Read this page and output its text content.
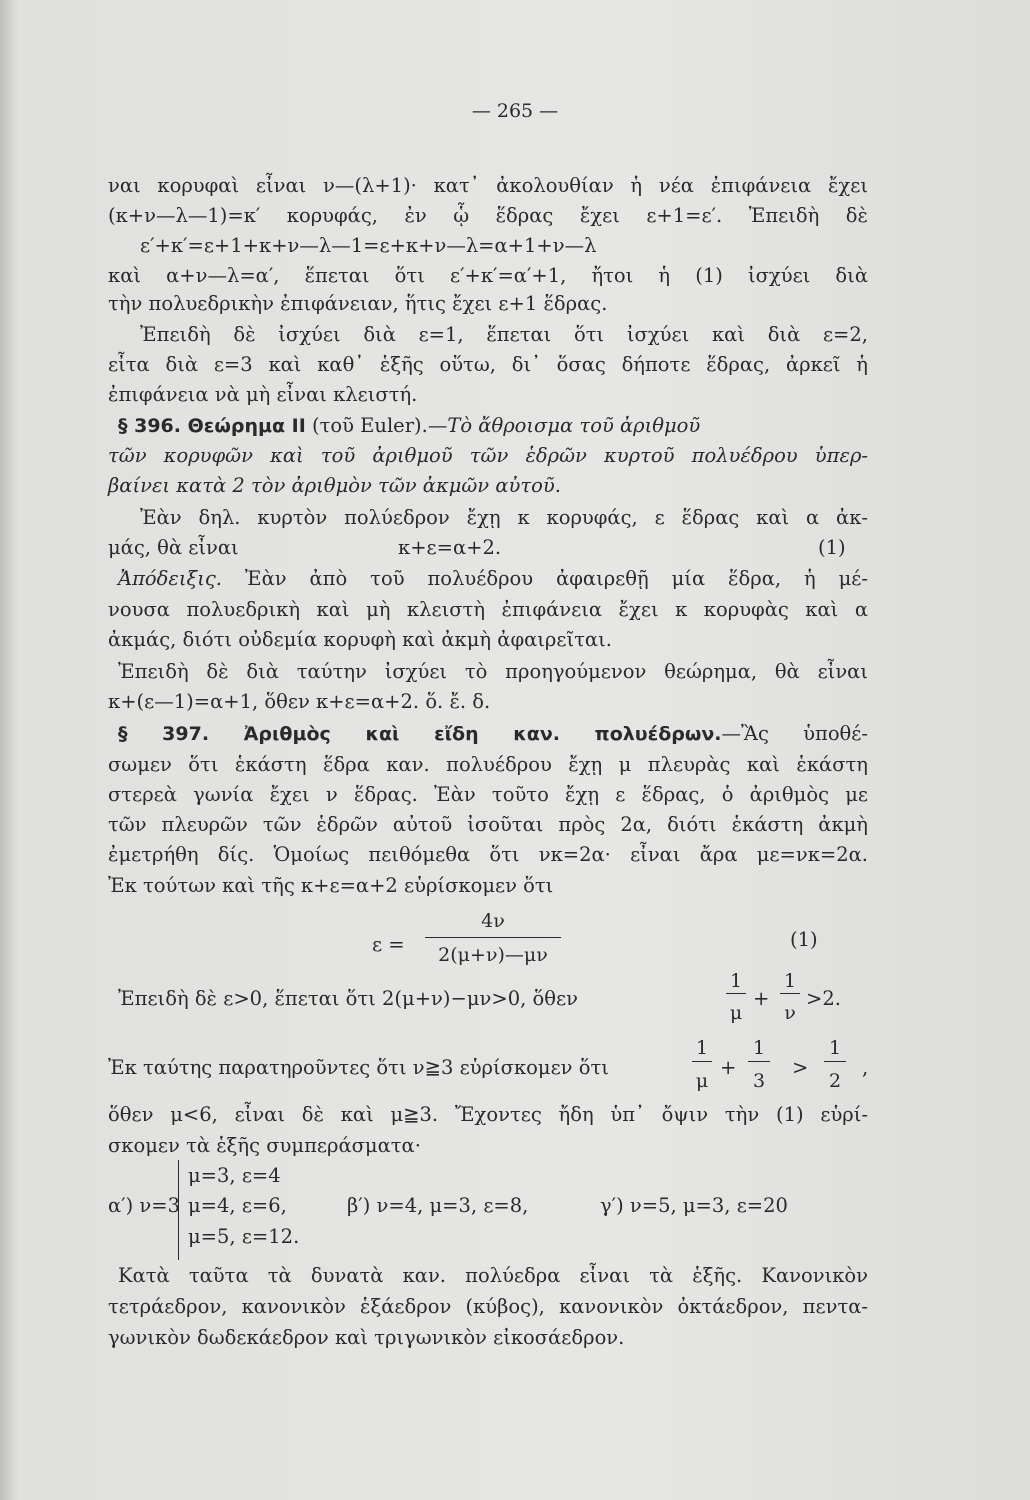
— 265 —
ναι κορυφαὶ εἶναι ν—(λ+1)· κατ᾽ ἀκολουθίαν ἡ νέα ἐπιφάνεια ἔχει
(κ+ν—λ—1)=κ′ κορυφάς, ἐν ᾧ ἕδρας ἔχει ε+1=ε′. Ἐπειδὴ δὲ
ε′+κ′=ε+1+κ+ν—λ—1=ε+κ+ν—λ=α+1+ν—λ
καὶ α+ν—λ=α′, ἕπεται ὅτι ε′+κ′=α′+1, ἤτοι ἡ (1) ἰσχύει διὰ
τὴν πολυεδρικὴν ἐπιφάνειαν, ἥτις ἔχει ε+1 ἕδρας.
Ἐπειδὴ δὲ ἰσχύει διὰ ε=1, ἕπεται ὅτι ἰσχύει καὶ διὰ ε=2,
εἶτα διὰ ε=3 καὶ καθ᾽ ἑξῆς οὕτω, δι᾽ ὅσας δήποτε ἕδρας, ἀρκεῖ ἡ
ἐπιφάνεια νὰ μὴ εἶναι κλειστή.
§ 396. Θεώρημα II (τοῦ Euler).—Τὸ ἄθροισμα τοῦ ἀριθμοῦ
τῶν κορυφῶν καὶ τοῦ ἀριθμοῦ τῶν ἑδρῶν κυρτοῦ πολυέδρου ὑπερ-
βαίνει κατὰ 2 τὸν ἀριθμὸν τῶν ἀκμῶν αὐτοῦ.
Ἐὰν δηλ. κυρτὸν πολύεδρον ἔχῃ κ κορυφάς, ε ἕδρας καὶ α ἀκ-
μάς, θὰ εἶναι	κ+ε=α+2.	(1)
Ἀπόδειξις. Ἐὰν ἀπὸ τοῦ πολυέδρου ἀφαιρεθῇ μία ἕδρα, ἡ μέ-
νουσα πολυεδρικὴ καὶ μὴ κλειστὴ ἐπιφάνεια ἔχει κ κορυφὰς καὶ α
ἀκμάς, διότι οὐδεμία κορυφὴ καὶ ἀκμὴ ἀφαιρεῖται.
Ἐπειδὴ δὲ διὰ ταύτην ἰσχύει τὸ προηγούμενον θεώρημα, θὰ εἶναι
κ+(ε—1)=α+1, ὅθεν κ+ε=α+2. ὅ. ἔ. δ.
§ 397. Ἀριθμὸς καὶ εἴδη καν. πολυέδρων.—Ἂς ὑποθέ-
σωμεν ὅτι ἑκάστη ἕδρα καν. πολυέδρου ἔχῃ μ πλευρὰς καὶ ἑκάστη
στερεὰ γωνία ἔχει ν ἕδρας. Ἐὰν τοῦτο ἔχῃ ε ἕδρας, ὁ ἀριθμὸς με
τῶν πλευρῶν τῶν ἑδρῶν αὐτοῦ ἰσοῦται πρὸς 2α, διότι ἑκάστη ἀκμὴ
ἐμετρήθη δίς. Ὁμοίως πειθόμεθα ὅτι νκ=2α· εἶναι ἄρα με=νκ=2α.
Ἐκ τούτων καὶ τῆς κ+ε=α+2 εὑρίσκομεν ὅτι
ε =
4ν
2(μ+ν)—μν
(1)
Ἐπειδὴ δὲ ε>0, ἕπεται ὅτι 2(μ+ν)−μν>0, ὅθεν
1
μ
+
1
ν
>2.
Ἐκ ταύτης παρατηροῦντες ὅτι ν≧3 εὑρίσκομεν ὅτι
1
μ
+
1
3
>
1
2
,
ὅθεν μ<6, εἶναι δὲ καὶ μ≧3. Ἔχοντες ἤδη ὑπ᾽ ὄψιν τὴν (1) εὑρί-
σκομεν τὰ ἑξῆς συμπεράσματα·
α′) ν=3
μ=3, ε=4
μ=4, ε=6,
μ=5, ε=12.
β′) ν=4, μ=3, ε=8,	γ′) ν=5, μ=3, ε=20
Κατὰ ταῦτα τὰ δυνατὰ καν. πολύεδρα εἶναι τὰ ἑξῆς. Κανονικὸν
τετράεδρον, κανονικὸν ἑξάεδρον (κύβος), κανονικὸν ὀκτάεδρον, πεντα-
γωνικὸν δωδεκάεδρον καὶ τριγωνικὸν εἰκοσάεδρον.
